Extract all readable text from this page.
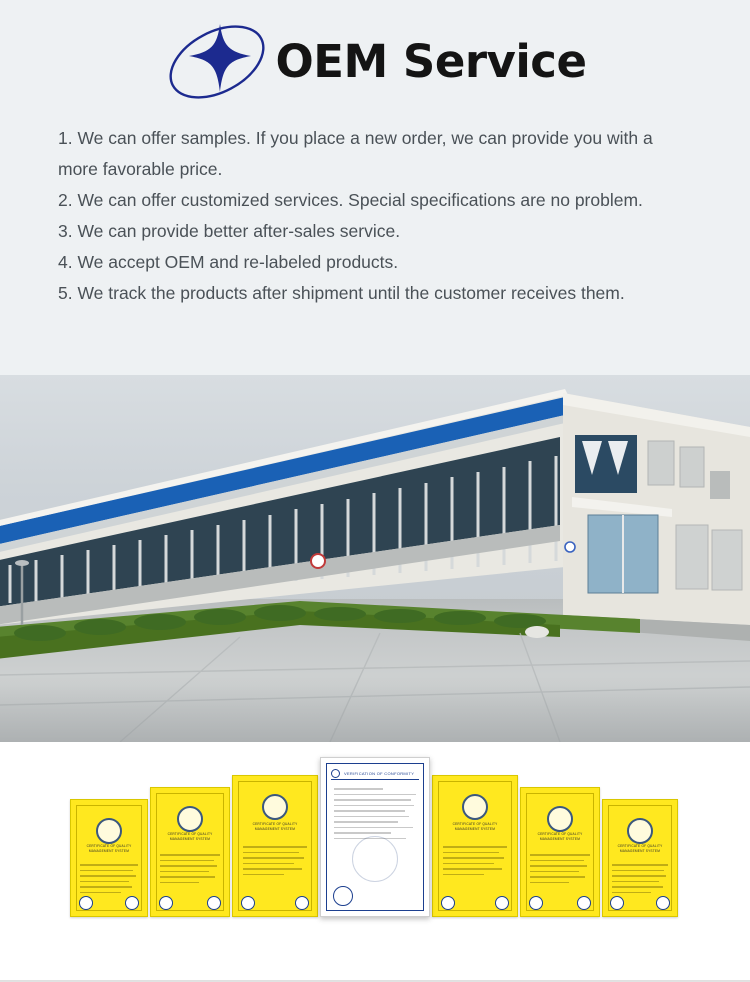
OEM Service
1. We can offer samples. If you place a new order, we can provide you with a more favorable price.
2. We can offer customized services. Special specifications are no problem.
3. We can provide better after-sales service.
4. We accept OEM and re-labeled products.
5. We track the products after shipment until the customer receives them.
CERTIFICATE OF QUALITY MANAGEMENT SYSTEM
CERTIFICATE OF QUALITY MANAGEMENT SYSTEM
CERTIFICATE OF QUALITY MANAGEMENT SYSTEM
VERIFICATION OF CONFORMITY
CERTIFICATE OF QUALITY MANAGEMENT SYSTEM
CERTIFICATE OF QUALITY MANAGEMENT SYSTEM
CERTIFICATE OF QUALITY MANAGEMENT SYSTEM
